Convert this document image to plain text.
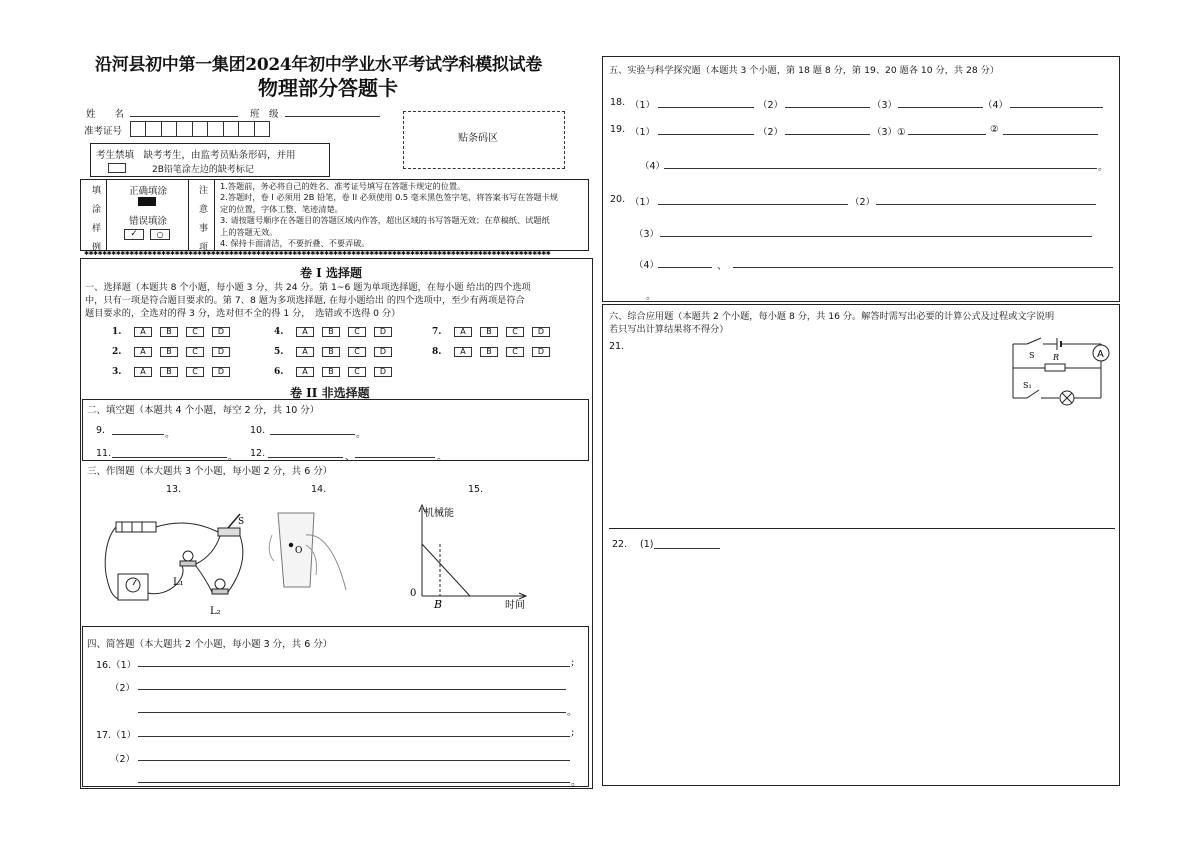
沿河县初中第一集团2024年初中学业水平考试学科模拟试卷
物理部分答题卡
姓　　名	班　级
准考证号
贴条码区
考生禁填　缺考考生，由监考员贴条形码，并用
2B铅笔涂左边的缺考标记
填涂样例	正确填涂
错误填涂
✓	○	注意事项 1.答题前，务必将自己的姓名、准考证号填写在答题卡规定的位置。
2.答题时，卷 I 必须用 2B 铅笔，卷 II 必须使用 0.5 毫米黑色签字笔，将答案书写在答题卡规
定的位置，字体工整、笔迹清楚。
3. 请按题号顺序在各题目的答题区域内作答，超出区域的书写答题无效；在草稿纸、试题纸
上的答题无效。
4. 保持卡面清洁，不要折叠、不要弄破。
✱✱✱✱✱✱✱✱✱✱✱✱✱✱✱✱✱✱✱✱✱✱✱✱✱✱✱✱✱✱✱✱✱✱✱✱✱✱✱✱✱✱✱✱✱✱✱✱✱✱✱✱✱✱✱✱✱✱✱✱✱✱✱✱✱✱✱✱✱✱✱✱✱✱✱✱✱✱✱✱✱✱✱✱✱✱✱✱✱✱✱✱✱✱✱✱✱✱✱✱✱✱✱
卷 I 选择题
一、选择题（本题共 8 个小题，每小题 3 分，共 24 分。第 1~6 题为单项选择题，在每小题 给出的四个选项
中，只有一项是符合题目要求的。第 7、8 题为多项选择题, 在每小题给出 的四个选项中，至少有两项是符合
题目要求的，全选对的得 3 分，选对但不全的得 1 分，　选错或不选得 0 分）
1. A	B	C	D
2. A	B	C	D
3. A	B	C	D
4. A	B	C	D
5. A	B	C	D
6. A	B	C	D
7. A	B	C	D
8. A	B	C	D
卷 II 非选择题
二、填空题（本题共 4 个小题，每空 2 分，共 10 分）
9.	。	10.	。
11.	。 12.	、	。
三、作图题（本大题共 3 个小题，每小题 2 分，共 6 分）
13.	14.	15.
L₁
L₂
S
O
机械能
时间
0
B
四、简答题（本大题共 2 个小题，每小题 3 分，共 6 分）
16.（1）	;
（2）
。
17.（1）	;
（2）
。
五、实验与科学探究题（本题共 3 个小题，第 18 题 8 分，第 19、20 题各 10 分，共 28 分）
18. （1）	（2）	（3）	（4）
19. （1）	（2）	（3）①	②
（4）	。
20. （1）	（2）
（3）
（4）	、
。
六、综合应用题（本题共 2 个小题，每小题 8 分，共 16 分。解答时需写出必要的计算公式及过程或文字说明
若只写出计算结果将不得分）
21.
A
R
S
S₁
22. (1)
